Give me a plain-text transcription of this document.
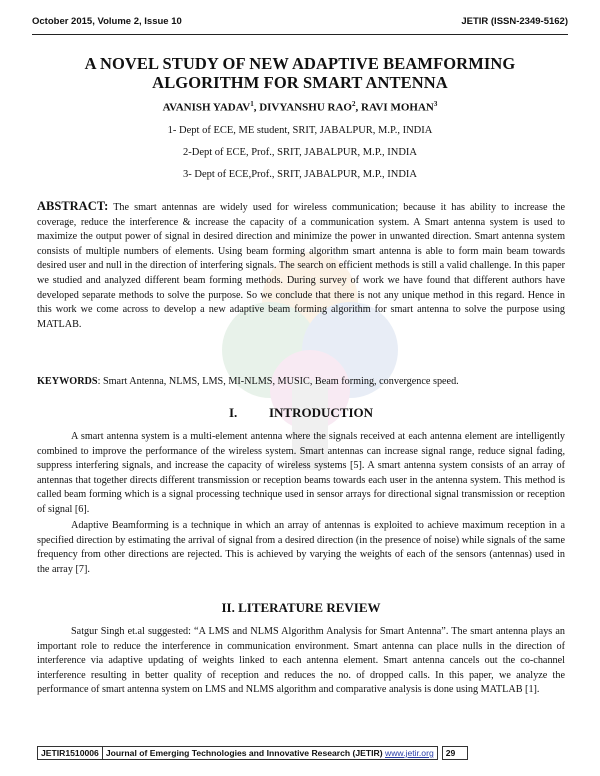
October 2015, Volume 2, Issue 10	JETIR (ISSN-2349-5162)
A NOVEL STUDY OF NEW ADAPTIVE BEAMFORMING
ALGORITHM FOR SMART ANTENNA
AVANISH YADAV$^1$, DIVYANSHU RAO$^2$, RAVI MOHAN$^3$
1- Dept of ECE, ME student, SRIT, JABALPUR, M.P., INDIA
2-Dept of ECE, Prof., SRIT, JABALPUR, M.P., INDIA
3- Dept of ECE,Prof., SRIT, JABALPUR, M.P., INDIA
ABSTRACT: The smart antennas are widely used for wireless communication; because it has ability to increase the coverage, reduce the interference & increase the capacity of a communication system. A Smart antenna system is used to maximize the output power of signal in desired direction and minimize the power in unwanted direction. Smart antenna system consists of multiple numbers of elements. Using beam forming algorithm smart antenna is able to form main beam towards desired user and null in the direction of interfering signals. The search on efficient methods is still a valid challenge. In this paper we studied and analyzed different beam forming methods. During survey of work we have found that different authors have developed separate methods to solve the purpose. So we conclude that there is not any unique method in this regard. Hence in this work we come across to develop a new adaptive beam forming algorithm for smart antenna to solve the purpose using MATLAB.
KEYWORDS: Smart Antenna, NLMS, LMS, MI-NLMS, MUSIC, Beam forming, convergence speed.
I. INTRODUCTION
A smart antenna system is a multi-element antenna where the signals received at each antenna element are intelligently combined to improve the performance of the wireless system. Smart antennas can increase signal range, reduce signal fading, suppress interfering signals, and increase the capacity of wireless systems [5]. A smart antenna system consists of an array of antennas that together directs different transmission or reception beams towards each user in the antenna system. This method is called beam forming which is a signal processing technique used in sensor arrays for directional signal transmission or reception of signal [6].
Adaptive Beamforming is a technique in which an array of antennas is exploited to achieve maximum reception in a specified direction by estimating the arrival of signal from a desired direction (in the presence of noise) while signals of the same frequency from other directions are rejected. This is achieved by varying the weights of each of the sensors (antennas) used in the array [7].
II. LITERATURE REVIEW
Satgur Singh et.al suggested: “A LMS and NLMS Algorithm Analysis for Smart Antenna”. The smart antenna plays an important role to reduce the interference in communication environment. Smart antenna can place nulls in the direction of interference via adaptive updating of weights linked to each antenna element. Smart antenna cancels out the co-channel interference resulting in better quality of reception and reduces the no. of dropped calls. In this paper, we analyze the performance of smart antenna system on LMS and NLMS algorithm and comparative analysis is done using MATLAB [1].
JETIR1510006 Journal of Emerging Technologies and Innovative Research (JETIR) www.jetir.org 29
